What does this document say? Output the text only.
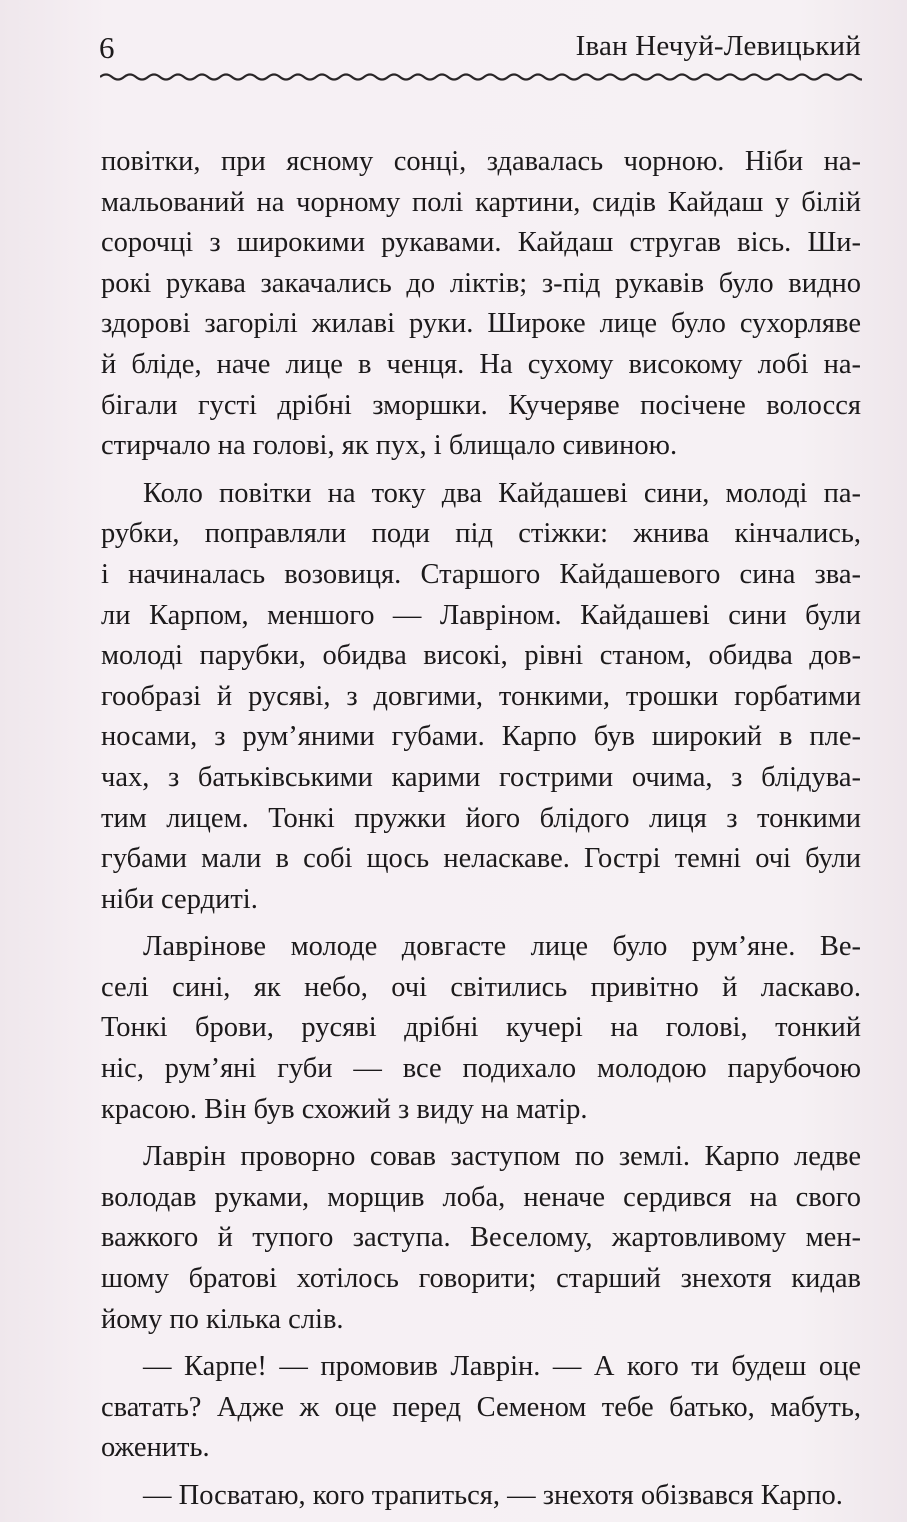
6	Іван Нечуй-Левицький

повітки, при ясному сонці, здавалась чорною. Ніби на-
мальований на чорному полі картини, сидів Кайдаш у білій
сорочці з широкими рукавами. Кайдаш стругав вісь. Ши-
рокі рукава закачались до ліктів; з-під рукавів було видно
здорові загорілі жилаві руки. Широке лице було сухорляве
й бліде, наче лице в ченця. На сухому високому лобі на-
бігали густі дрібні зморшки. Кучеряве посічене волосся
стирчало на голові, як пух, і блищало сивиною.

Коло повітки на току два Кайдашеві сини, молоді па-
рубки, поправляли поди під стіжки: жнива кінчались,
і начиналась возовиця. Старшого Кайдашевого сина зва-
ли Карпом, меншого — Лавріном. Кайдашеві сини були
молоді парубки, обидва високі, рівні станом, обидва дов-
гообразі й русяві, з довгими, тонкими, трошки горбатими
носами, з рум’яними губами. Карпо був широкий в пле-
чах, з батьківськими карими гострими очима, з блідува-
тим лицем. Тонкі пружки його блідого лиця з тонкими
губами мали в собі щось неласкаве. Гострі темні очі були
ніби сердиті.

Лаврінове молоде довгасте лице було рум’яне. Ве-
селі сині, як небо, очі світились привітно й ласкаво.
Тонкі брови, русяві дрібні кучері на голові, тонкий
ніс, рум’яні губи — все подихало молодою парубочою
красою. Він був схожий з виду на матір.

Лаврін проворно совав заступом по землі. Карпо ледве
володав руками, морщив лоба, неначе сердився на свого
важкого й тупого заступа. Веселому, жартовливому мен-
шому братові хотілось говорити; старший знехотя кидав
йому по кілька слів.

— Карпе! — промовив Лаврін. — А кого ти будеш оце
сватать? Адже ж оце перед Семеном тебе батько, мабуть,
оженить.

— Посватаю, кого трапиться, — знехотя обізвався Карпо.
